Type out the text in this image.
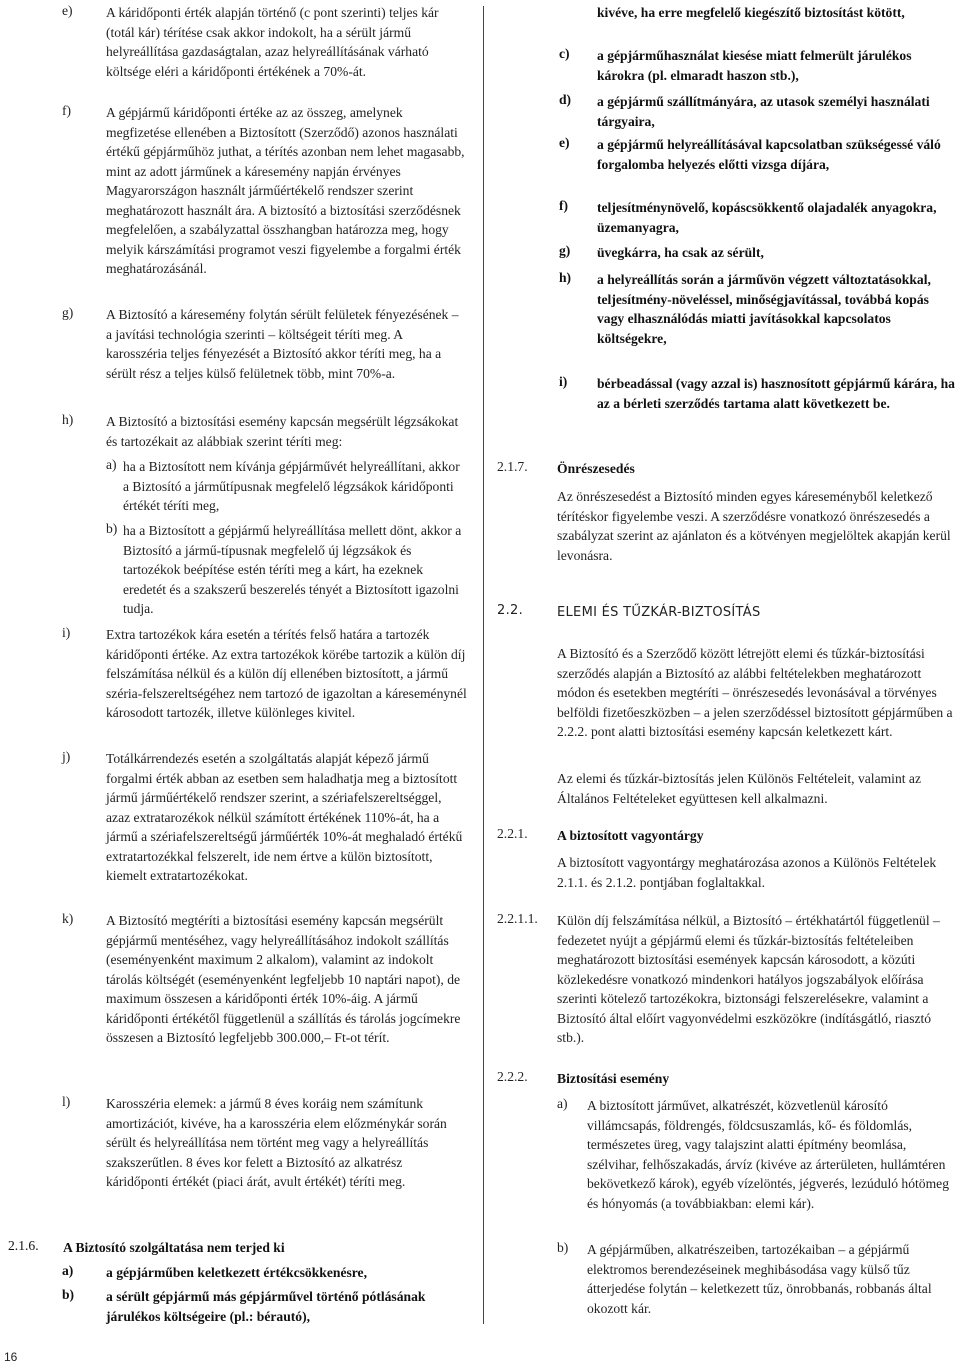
e) A káridőponti érték alapján történő (c pont szerinti) teljes kár (totál kár) térítése csak akkor indokolt, ha a sérült jármű helyreállítása gazdaságtalan, azaz helyreállításának várható költsége eléri a káridőponti értékének a 70%-át.
f)	A gépjármű káridőponti értéke az az összeg, amelynek megfizetése ellenében a Biztosított (Szerződő) azonos használati értékű gépjárműhöz juthat, a térítés azonban nem lehet magasabb, mint az adott járműnek a káresemény napján érvényes Magyarországon használt járműértékelő rendszer szerint meghatározott használt ára. A biztosító a biztosítási szerződésnek megfelelően, a szabályzattal összhangban határozza meg, hogy melyik kárszámítási programot veszi figyelembe a forgalmi érték meghatározásánál.
g) A Biztosító a káresemény folytán sérült felületek fényezésének – a javítási technológia szerinti – költségeit téríti meg. A karosszéria teljes fényezését a Biztosító akkor téríti meg, ha a sérült rész a teljes külső felületnek több, mint 70%-a.
h) A Biztosító a biztosítási esemény kapcsán megsérült légzsákokat és tartozékait az alábbiak szerint téríti meg:
a) ha a Biztosított nem kívánja gépjárművét helyreállítani, akkor a Biztosító a járműtípusnak megfelelő légzsákok káridőponti értékét téríti meg,
b) ha a Biztosított a gépjármű helyreállítása mellett dönt, akkor a Biztosító a jármű-típusnak megfelelő új légzsákok és tartozékok beépítése estén téríti meg a kárt, ha ezeknek eredetét és a szakszerű beszerelés tényét a Biztosított igazolni tudja.
i)	Extra tartozékok kára esetén a térítés felső határa a tartozék káridőponti értéke. Az extra tartozékok körébe tartozik a külön díj felszámítása nélkül és a külön díj ellenében biztosított, a jármű széria-felszereltségéhez nem tartozó de igazoltan a káreseménynél károsodott tartozék, illetve különleges kivitel.
j)	Totálkárrendezés esetén a szolgáltatás alapját képező jármű forgalmi érték abban az esetben sem haladhatja meg a biztosított jármű járműértékelő rendszer szerint, a szériafelszereltséggel, azaz extratarozékok nélkül számított értékének 110%-át, ha a jármű a szériafelszereltségű járműérték 10%-át meghaladó értékű extratartozékkal felszerelt, ide nem értve a külön biztosított, kiemelt extratartozékokat.
k) A Biztosító megtéríti a biztosítási esemény kapcsán megsérült gépjármű mentéséhez, vagy helyreállításához indokolt szállítás (eseményenként maximum 2 alkalom), valamint az indokolt tárolás költségét (eseményenként legfeljebb 10 naptári napot), de maximum összesen a káridőponti érték 10%-áig. A jármű káridőponti értékétől függetlenül a szállítás és tárolás jogcímekre összesen a Biztosító legfeljebb 300.000,– Ft-ot térít.
l)	Karosszéria elemek: a jármű 8 éves koráig nem számítunk amortizációt, kivéve, ha a karosszéria elem előzménykár során sérült és helyreállítása nem történt meg vagy a helyreállítás szakszerűtlen. 8 éves kor felett a Biztosító az alkatrész káridőponti értékét (piaci árát, avult értékét) téríti meg.
2.1.6. A Biztosító szolgáltatása nem terjed ki
a) a gépjárműben keletkezett értékcsökkenésre,
b) a sérült gépjármű más gépjárművel történő pótlásának járulékos költségeire (pl.: bérautó),
kivéve, ha erre megfelelő kiegészítő biztosítást kötött,
c) a gépjárműhasználat kiesése miatt felmerült járulékos károkra (pl. elmaradt haszon stb.),
d) a gépjármű szállítmányára, az utasok személyi használati tárgyaira,
e) a gépjármű helyreállításával kapcsolatban szükségessé váló forgalomba helyezés előtti vizsga díjára,
f) teljesítménynövelő, kopáscsökkentő olajadalék anyagokra, üzemanyagra,
g) üvegkárra, ha csak az sérült,
h) a helyreállítás során a járművön végzett változtatásokkal, teljesítmény-növeléssel, minőségjavítással, továbbá kopás vagy elhasználódás miatti javításokkal kapcsolatos költségekre,
i) bérbeadással (vagy azzal is) hasznosított gépjármű kárára, ha az a bérleti szerződés tartama alatt következett be.
2.1.7. Önrészesedés
Az önrészesedést a Biztosító minden egyes káreseményből keletkező térítéskor figyelembe veszi. A szerződésre vonatkozó önrészesedés a szabályzat szerint az ajánlaton és a kötvényen megjelöltek akapján kerül levonásra.
2.2.	ELEMI ÉS TŰZKÁR-BIZTOSÍTÁS
A Biztosító és a Szerződő között létrejött elemi és tűzkár-biztosítási szerződés alapján a Biztosító az alábbi feltételekben meghatározott módon és esetekben megtéríti – önrészesedés levonásával a törvényes belföldi fizetőeszközben – a jelen szerződéssel biztosított gépjárműben a 2.2.2. pont alatti biztosítási esemény kapcsán keletkezett kárt.
Az elemi és tűzkár-biztosítás jelen Különös Feltételeit, valamint az Általános Feltételeket együttesen kell alkalmazni.
2.2.1. A biztosított vagyontárgy
A biztosított vagyontárgy meghatározása azonos a Különös Feltételek 2.1.1. és 2.1.2. pontjában foglaltakkal.
2.2.1.1. Külön díj felszámítása nélkül, a Biztosító – értékhatártól függetlenül – fedezetet nyújt a gépjármű elemi és tűzkár-biztosítás feltételeiben meghatározott biztosítási események kapcsán károsodott, a közúti közlekedésre vonatkozó mindenkori hatályos jogszabályok előírása szerinti kötelező tartozékokra, biztonsági felszerelésekre, valamint a Biztosító által előírt vagyonvédelmi eszközökre (indításgátló, riasztó stb.).
2.2.2. Biztosítási esemény
a) A biztosított járművet, alkatrészét, közvetlenül károsító villámcsapás, földrengés, földcsuszamlás, kő- és földomlás, természetes üreg, vagy talajszint alatti építmény beomlása, szélvihar, felhőszakadás, árvíz (kivéve az árterületen, hullámtéren bekövetkező károk), egyéb vízelöntés, jégverés, lezúduló hótömeg és hónyomás (a továbbiakban: elemi kár).
b) A gépjárműben, alkatrészeiben, tartozékaiban – a gépjármű elektromos berendezéseinek meghibásodása vagy külső tűz átterjedése folytán – keletkezett tűz, önrobbanás, robbanás által okozott kár.
16
